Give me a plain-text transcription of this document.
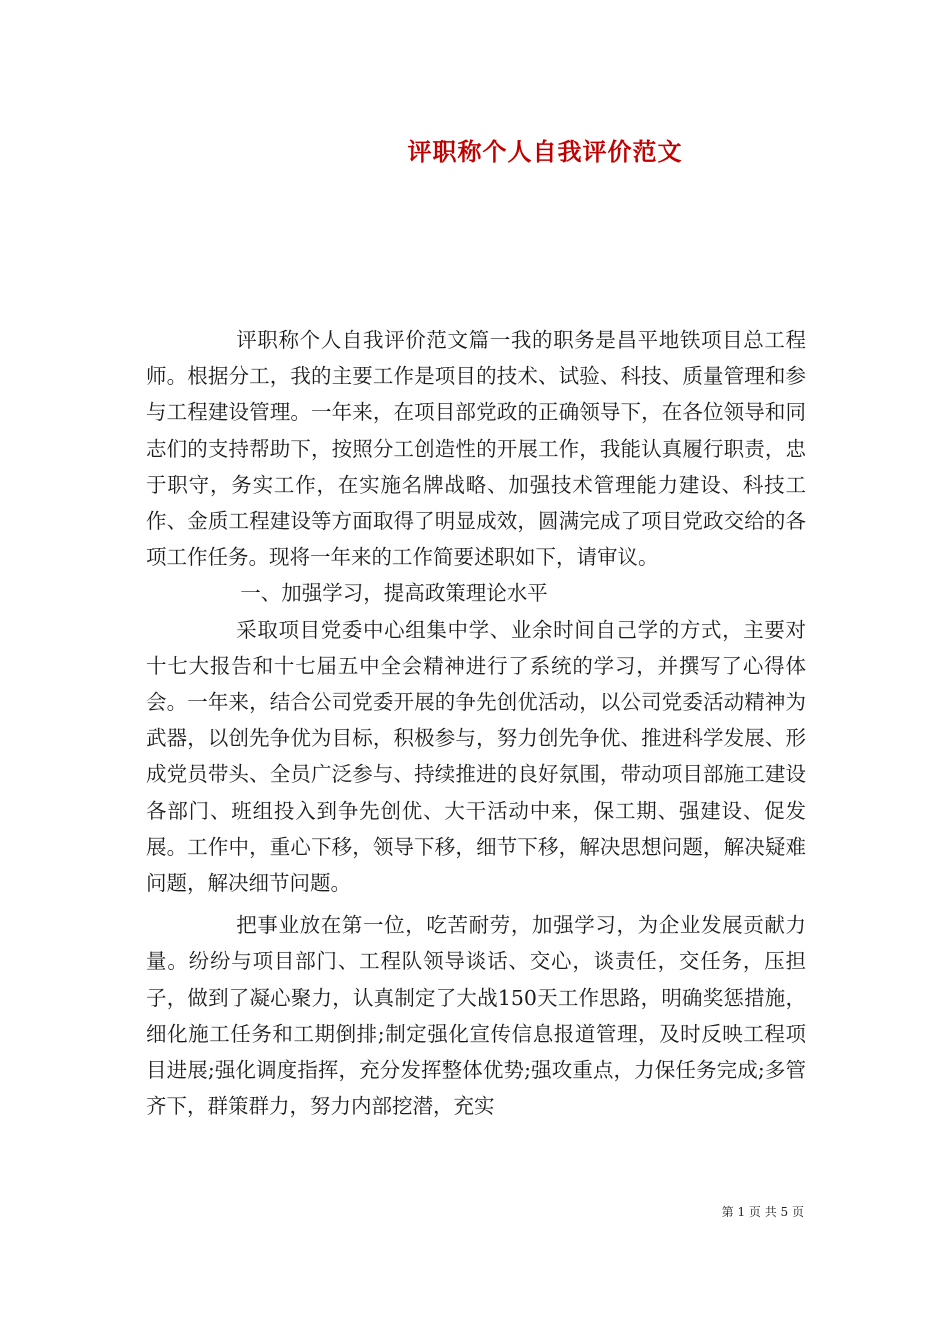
评职称个人自我评价范文

评职称个人自我评价范文篇一我的职务是昌平地铁项目总工程师。根据分工，我的主要工作是项目的技术、试验、科技、质量管理和参与工程建设管理。一年来，在项目部党政的正确领导下，在各位领导和同志们的支持帮助下，按照分工创造性的开展工作，我能认真履行职责，忠于职守，务实工作，在实施名牌战略、加强技术管理能力建设、科技工作、金质工程建设等方面取得了明显成效，圆满完成了项目党政交给的各项工作任务。现将一年来的工作简要述职如下，请审议。

一、加强学习，提高政策理论水平

采取项目党委中心组集中学、业余时间自己学的方式，主要对十七大报告和十七届五中全会精神进行了系统的学习，并撰写了心得体会。一年来，结合公司党委开展的争先创优活动，以公司党委活动精神为武器，以创先争优为目标，积极参与，努力创先争优、推进科学发展、形成党员带头、全员广泛参与、持续推进的良好氛围，带动项目部施工建设各部门、班组投入到争先创优、大干活动中来，保工期、强建设、促发展。工作中，重心下移，领导下移，细节下移，解决思想问题，解决疑难问题，解决细节问题。

把事业放在第一位，吃苦耐劳，加强学习，为企业发展贡献力量。纷纷与项目部门、工程队领导谈话、交心，谈责任，交任务，压担子，做到了凝心聚力，认真制定了大战150天工作思路，明确奖惩措施，细化施工任务和工期倒排;制定强化宣传信息报道管理，及时反映工程项目进展;强化调度指挥，充分发挥整体优势;强攻重点，力保任务完成;多管齐下，群策群力，努力内部挖潜，充实

第 1 页 共 5 页
